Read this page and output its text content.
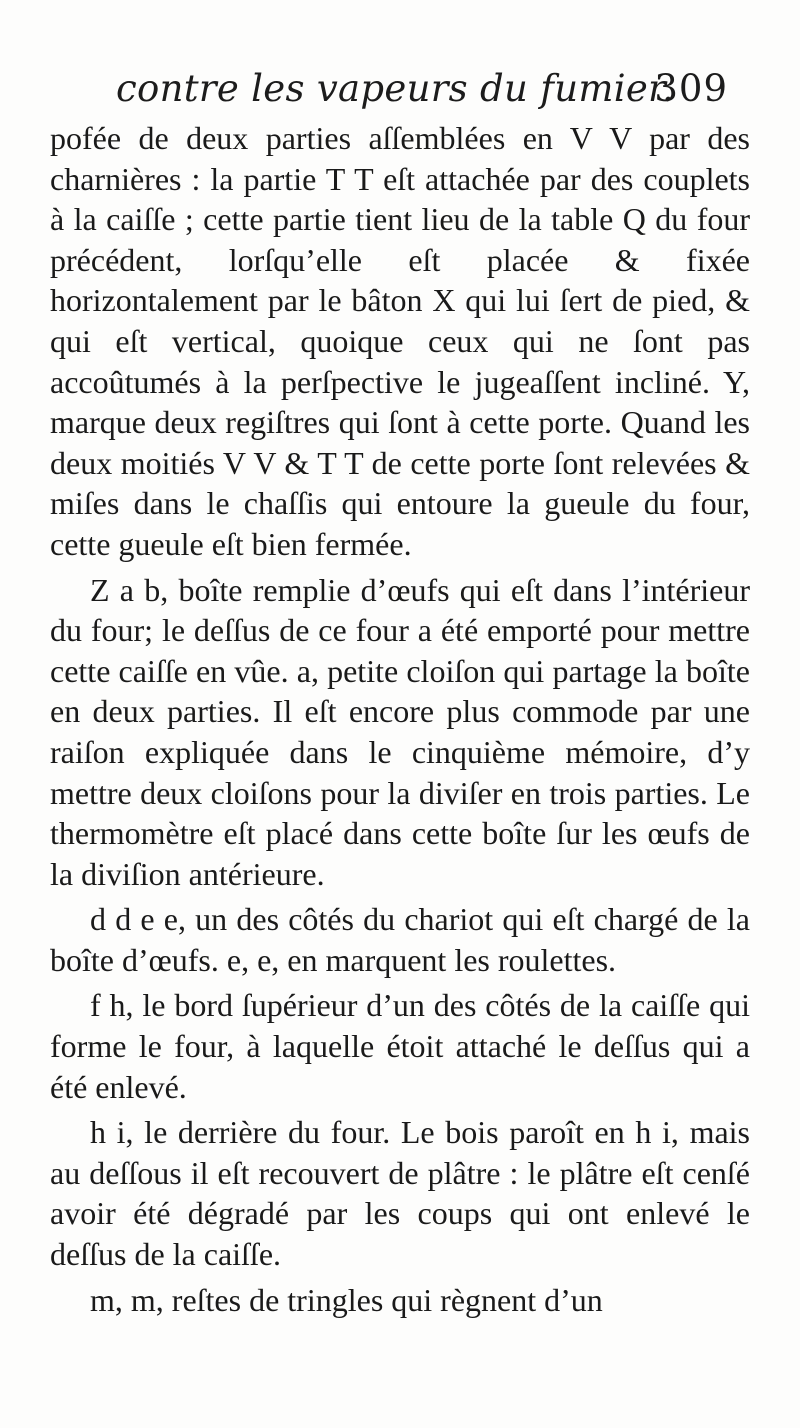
contre les vapeurs du fumier.
309

pofée de deux parties aſſemblées en V V par des charnières : la partie T T eſt attachée par des couplets à la caiſſe ; cette partie tient lieu de la table Q du four précédent, lorſqu’elle eſt placée & fixée horizontalement par le bâton X qui lui ſert de pied, & qui eſt vertical, quoique ceux qui ne ſont pas accoûtumés à la perſpective le jugeaſſent incliné. Y, marque deux regiſtres qui ſont à cette porte. Quand les deux moitiés V V & T T de cette porte ſont relevées & miſes dans le chaſſis qui entoure la gueule du four, cette gueule eſt bien fermée.

Z a b, boîte remplie d’œufs qui eſt dans l’intérieur du four; le deſſus de ce four a été emporté pour mettre cette caiſſe en vûe. a, petite cloiſon qui partage la boîte en deux parties. Il eſt encore plus commode par une raiſon expliquée dans le cinquième mémoire, d’y mettre deux cloiſons pour la diviſer en trois parties. Le thermomètre eſt placé dans cette boîte ſur les œufs de la diviſion antérieure.

d d e e, un des côtés du chariot qui eſt chargé de la boîte d’œufs. e, e, en marquent les roulettes.

f h, le bord ſupérieur d’un des côtés de la caiſſe qui forme le four, à laquelle étoit attaché le deſſus qui a été enlevé.

h i, le derrière du four. Le bois paroît en h i, mais au deſſous il eſt recouvert de plâtre : le plâtre eſt cenſé avoir été dégradé par les coups qui ont enlevé le deſſus de la caiſſe.

m, m, reſtes de tringles qui règnent d’un
